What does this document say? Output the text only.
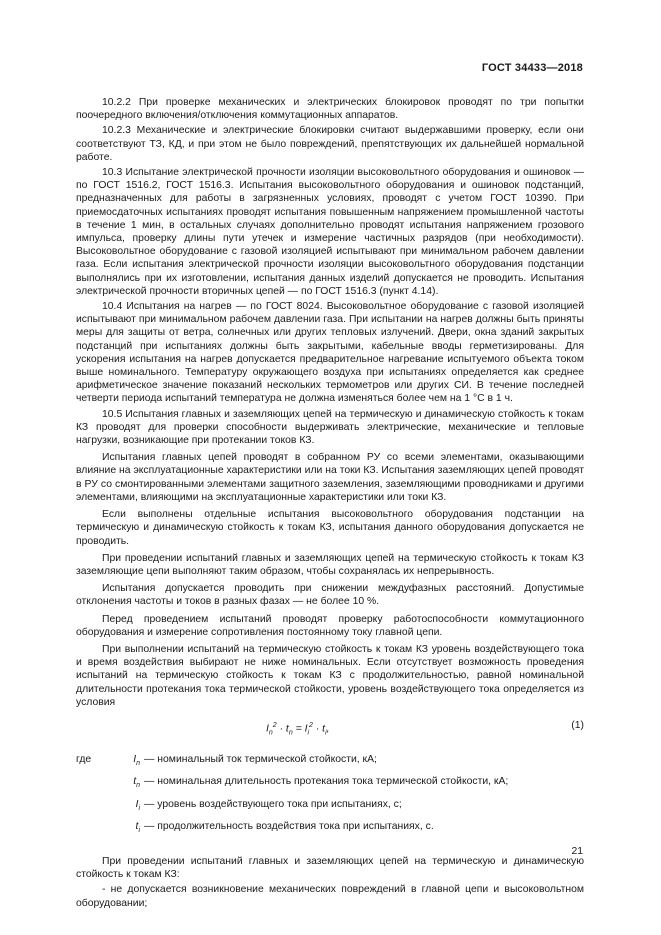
ГОСТ 34433—2018

10.2.2 При проверке механических и электрических блокировок проводят по три попытки поочередного включения/отключения коммутационных аппаратов.

10.2.3 Механические и электрические блокировки считают выдержавшими проверку, если они соответствуют ТЗ, КД, и при этом не было повреждений, препятствующих их дальнейшей нормальной работе.

10.3 Испытание электрической прочности изоляции высоковольтного оборудования и ошиновок — по ГОСТ 1516.2, ГОСТ 1516.3. Испытания высоковольтного оборудования и ошиновок подстанций, предназначенных для работы в загрязненных условиях, проводят с учетом ГОСТ 10390. При приемосдаточных испытаниях проводят испытания повышенным напряжением промышленной частоты в течение 1 мин, в остальных случаях дополнительно проводят испытания напряжением грозового импульса, проверку длины пути утечек и измерение частичных разрядов (при необходимости). Высоковольтное оборудование с газовой изоляцией испытывают при минимальном рабочем давлении газа. Если испытания электрической прочности изоляции высоковольтного оборудования подстанции выполнялись при их изготовлении, испытания данных изделий допускается не проводить. Испытания электрической прочности вторичных цепей — по ГОСТ 1516.3 (пункт 4.14).

10.4 Испытания на нагрев — по ГОСТ 8024. Высоковольтное оборудование с газовой изоляцией испытывают при минимальном рабочем давлении газа. При испытании на нагрев должны быть приняты меры для защиты от ветра, солнечных или других тепловых излучений. Двери, окна зданий закрытых подстанций при испытаниях должны быть закрытыми, кабельные вводы герметизированы. Для ускорения испытания на нагрев допускается предварительное нагревание испытуемого объекта током выше номинального. Температуру окружающего воздуха при испытаниях определяется как среднее арифметическое значение показаний нескольких термометров или других СИ. В течение последней четверти периода испытаний температура не должна изменяться более чем на 1 °С в 1 ч.

10.5 Испытания главных и заземляющих цепей на термическую и динамическую стойкость к токам КЗ проводят для проверки способности выдерживать электрические, механические и тепловые нагрузки, возникающие при протекании токов КЗ.

Испытания главных цепей проводят в собранном РУ со всеми элементами, оказывающими влияние на эксплуатационные характеристики или на токи КЗ. Испытания заземляющих цепей проводят в РУ со смонтированными элементами защитного заземления, заземляющими проводниками и другими элементами, влияющими на эксплуатационные характеристики или токи КЗ.

Если выполнены отдельные испытания высоковольтного оборудования подстанции на термическую и динамическую стойкость к токам КЗ, испытания данного оборудования допускается не проводить.

При проведении испытаний главных и заземляющих цепей на термическую стойкость к токам КЗ заземляющие цепи выполняют таким образом, чтобы сохранялась их непрерывность.

Испытания допускается проводить при снижении междуфазных расстояний. Допустимые отклонения частоты и токов в разных фазах — не более 10 %.

Перед проведением испытаний проводят проверку работоспособности коммутационного оборудования и измерение сопротивления постоянному току главной цепи.

При выполнении испытаний на термическую стойкость к токам КЗ уровень воздействующего тока и время воздействия выбирают не ниже номинальных. Если отсутствует возможность проведения испытаний на термическую стойкость к токам КЗ с продолжительностью, равной номинальной длительности протекания тока термической стойкости, уровень воздействующего тока определяется из условия

$I_n^2 \cdot t_n = I_i^2 \cdot t_i$,	(1)
где	$I_n$ — номинальный ток термической стойкости, кА;
$t_n$ — номинальная длительность протекания тока термической стойкости, кА;
$I_i$ — уровень воздействующего тока при испытаниях, с;
$t_i$ — продолжительность воздействия тока при испытаниях, с.

При проведении испытаний главных и заземляющих цепей на термическую и динамическую стойкость к токам КЗ:

- не допускается возникновение механических повреждений в главной цепи и высоковольтном оборудовании;

21
